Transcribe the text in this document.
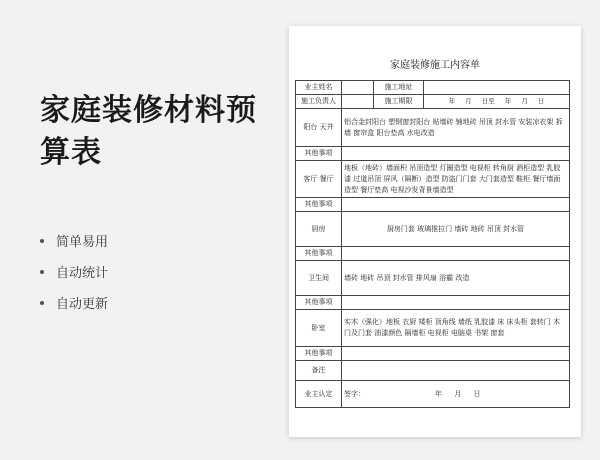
家庭装修材料预算表
简单易用
自动统计
自动更新
家庭装修施工内容单
业主姓名		施工地址	
施工负责人		施工期限	年 月 日至 年 月 日
阳台 天井	铝合金封阳台 塑钢窗封阳台 贴墙砖 铺地砖 吊顶 封水管 安装凉衣架 拆墙 窗帘盒 阳台垫高 水电改造		
其他事项			
客厅 餐厅	地板（地砖）墙面积 吊顶造型 灯圈造型 电视柜 转角厨 酒柜造型 乳胶漆 过道吊顶 屏风（隔断）造型 防盗门门套 大门套造型 鞋柜 餐厅墙面造型 餐厅垫高 电视沙发背景墙造型		
其他事项			
厨房	厨房门套 玻璃推拉门 墙砖 地砖 吊顶 封水管		
其他事项			
卫生间	墙砖 地砖 吊顶 封水管 排风扇 浴霸 改造		
其他事项			
卧室	实木（强化）地板 衣厨 矮柜 顶角线 墙纸 乳胶漆 床 床头柜 套转门 木门及门套 油漆颜色 隔墙柜 电视柜 电脑桌 书架 窗套		
其他事项			
备注			
业主认定	签字： 年 月 日		
